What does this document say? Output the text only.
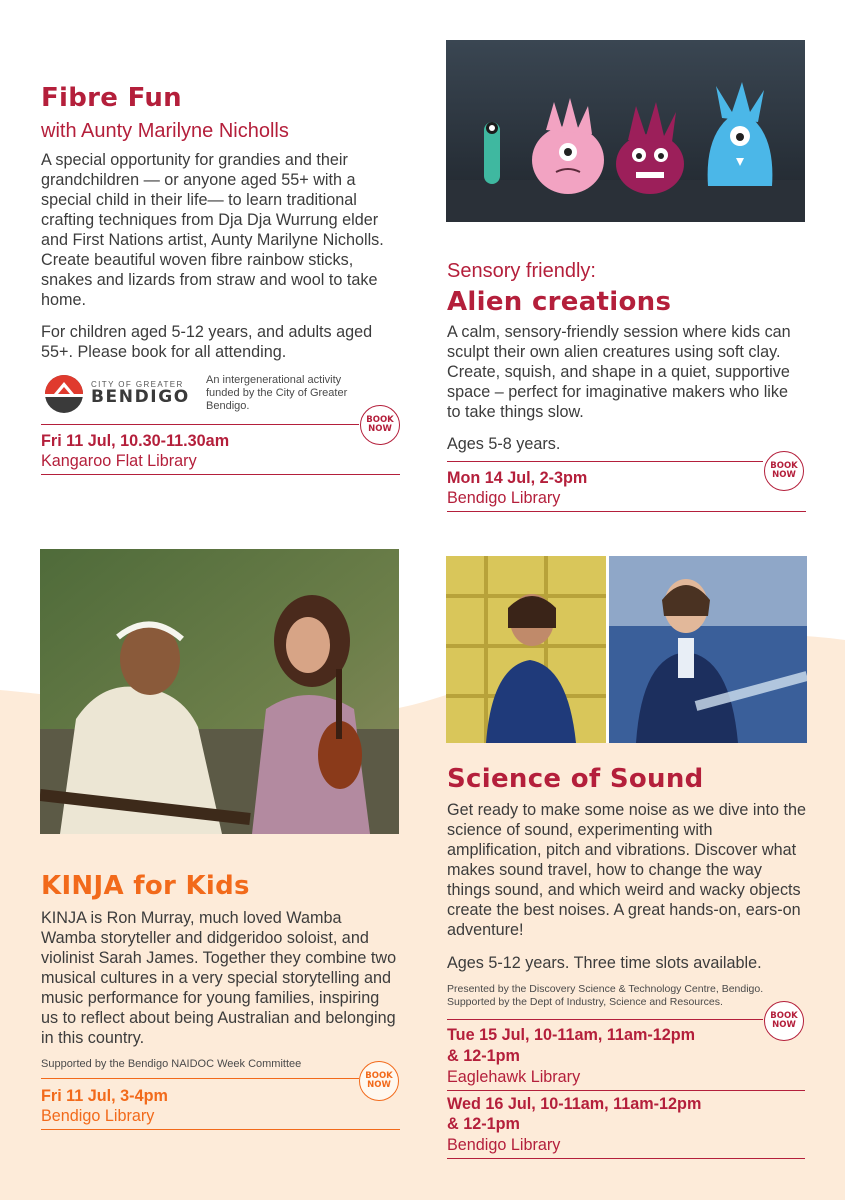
Fibre Fun

with Aunty Marilyne Nicholls

A special opportunity for grandies and their grandchildren — or anyone aged 55+ with a special child in their life— to learn traditional crafting techniques from Dja Dja Wurrung elder and First Nations artist, Aunty Marilyne Nicholls. Create beautiful woven fibre rainbow sticks, snakes and lizards from straw and wool to take home.

For children aged 5-12 years, and adults aged 55+. Please book for all attending.

CITY OF GREATER
BENDIGO
An intergenerational activity funded by the City of Greater Bendigo.
BOOK
NOW
Fri 11 Jul, 10.30-11.30am
Kangaroo Flat Library

Sensory friendly:

Alien creations

A calm, sensory-friendly session where kids can sculpt their own alien creatures using soft clay. Create, squish, and shape in a quiet, supportive space – perfect for imaginative makers who like to take things slow.

Ages 5-8 years.

BOOK
NOW
Mon 14 Jul, 2-3pm
Bendigo Library
KINJA for Kids

KINJA is Ron Murray, much loved Wamba Wamba storyteller and didgeridoo soloist, and violinist Sarah James. Together they combine two musical cultures in a very special storytelling and music performance for young families, inspiring us to reflect about being Australian and belonging in this country.

Supported by the Bendigo NAIDOC Week Committee
BOOK
NOW
Fri 11 Jul, 3-4pm
Bendigo Library
Science of Sound

Get ready to make some noise as we dive into the science of sound, experimenting with amplification, pitch and vibrations. Discover what makes sound travel, how to change the way things sound, and which weird and wacky objects create the best noises. A great hands-on, ears-on adventure!

Ages 5-12 years. Three time slots available.

Presented by the Discovery Science & Technology Centre, Bendigo. Supported by the Dept of Industry, Science and Resources.
BOOK
NOW
Tue 15 Jul, 10-11am, 11am-12pm
& 12-1pm
Eaglehawk Library
Wed 16 Jul, 10-11am, 11am-12pm
& 12-1pm
Bendigo Library
